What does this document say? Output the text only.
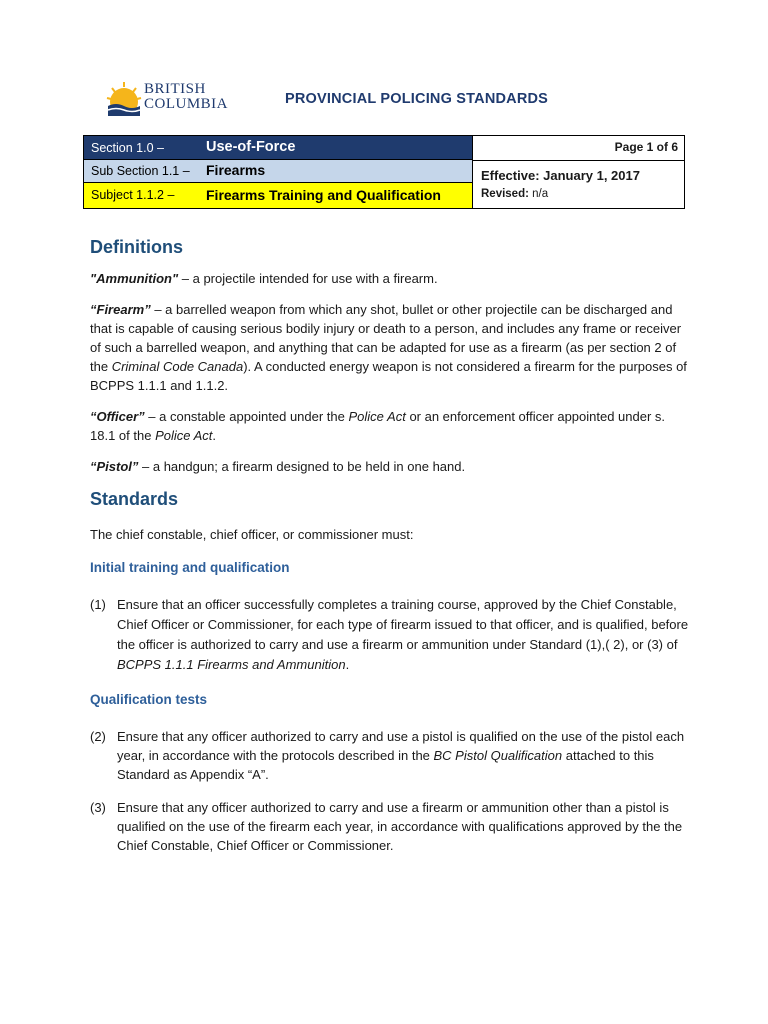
BRITISH
COLUMBIA	PROVINCIAL POLICING STANDARDS
Section 1.0 –	Use-of-Force
Sub Section 1.1 – Firearms
Subject 1.1.2 – Firearms Training and Qualification
Page 1 of 6
Effective: January 1, 2017
Revised: n/a
Definitions

"Ammunition" – a projectile intended for use with a firearm.

“Firearm” – a barrelled weapon from which any shot, bullet or other projectile can be discharged and that is capable of causing serious bodily injury or death to a person, and includes any frame or receiver of such a barrelled weapon, and anything that can be adapted for use as a firearm (as per section 2 of the Criminal Code Canada). A conducted energy weapon is not considered a firearm for the purposes of BCPPS 1.1.1 and 1.1.2.

“Officer” – a constable appointed under the Police Act or an enforcement officer appointed under s. 18.1 of the Police Act.

“Pistol” – a handgun; a firearm designed to be held in one hand.

Standards

The chief constable, chief officer, or commissioner must:

Initial training and qualification
(1) Ensure that an officer successfully completes a training course, approved by the Chief Constable, Chief Officer or Commissioner, for each type of firearm issued to that officer, and is qualified, before the officer is authorized to carry and use a firearm or ammunition under Standard (1),( 2), or (3) of BCPPS 1.1.1 Firearms and Ammunition.
Qualification tests
(2) Ensure that any officer authorized to carry and use a pistol is qualified on the use of the pistol each year, in accordance with the protocols described in the BC Pistol Qualification attached to this Standard as Appendix “A”.
(3) Ensure that any officer authorized to carry and use a firearm or ammunition other than a pistol is qualified on the use of the firearm each year, in accordance with qualifications approved by the the Chief Constable, Chief Officer or Commissioner.
